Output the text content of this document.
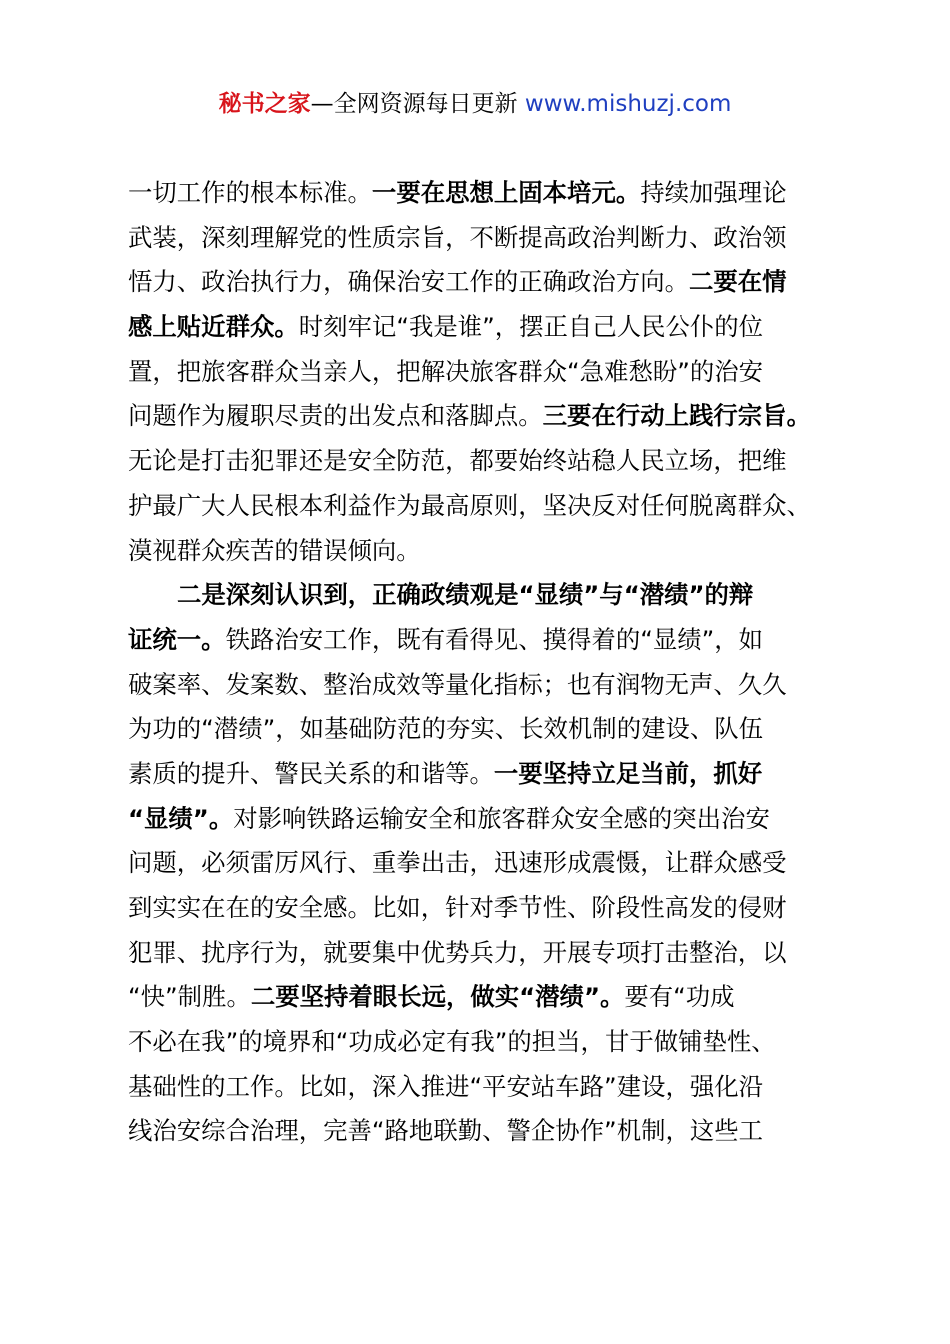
秘书之家—全网资源每日更新 www.mishuzj.com
一切工作的根本标准。一要在思想上固本培元。持续加强理论
武装，深刻理解党的性质宗旨，不断提高政治判断力、政治领
悟力、政治执行力，确保治安工作的正确政治方向。二要在情
感上贴近群众。时刻牢记“我是谁”，摆正自己人民公仆的位
置，把旅客群众当亲人，把解决旅客群众“急难愁盼”的治安
问题作为履职尽责的出发点和落脚点。三要在行动上践行宗旨。
无论是打击犯罪还是安全防范，都要始终站稳人民立场，把维
护最广大人民根本利益作为最高原则，坚决反对任何脱离群众、
漠视群众疾苦的错误倾向。
二是深刻认识到，正确政绩观是“显绩”与“潜绩”的辩
证统一。铁路治安工作，既有看得见、摸得着的“显绩”，如
破案率、发案数、整治成效等量化指标；也有润物无声、久久
为功的“潜绩”，如基础防范的夯实、长效机制的建设、队伍
素质的提升、警民关系的和谐等。一要坚持立足当前，抓好
“显绩”。对影响铁路运输安全和旅客群众安全感的突出治安
问题，必须雷厉风行、重拳出击，迅速形成震慑，让群众感受
到实实在在的安全感。比如，针对季节性、阶段性高发的侵财
犯罪、扰序行为，就要集中优势兵力，开展专项打击整治，以
“快”制胜。二要坚持着眼长远，做实“潜绩”。要有“功成
不必在我”的境界和“功成必定有我”的担当，甘于做铺垫性、
基础性的工作。比如，深入推进“平安站车路”建设，强化沿
线治安综合治理，完善“路地联勤、警企协作”机制，这些工
